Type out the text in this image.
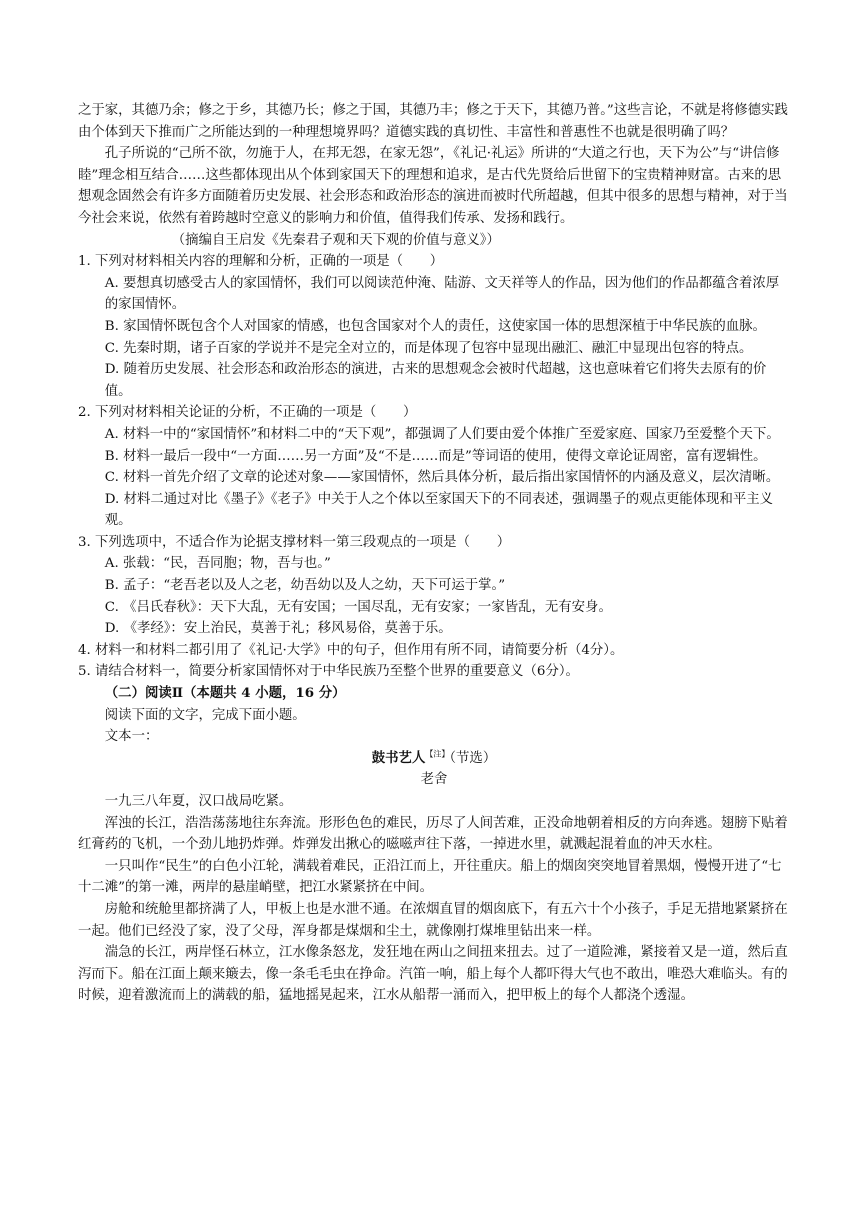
之于家，其德乃余；修之于乡，其德乃长；修之于国，其德乃丰；修之于天下，其德乃普。”这些言论，不就是将修德实践由个体到天下推而广之所能达到的一种理想境界吗？道德实践的真切性、丰富性和普惠性不也就是很明确了吗？

孔子所说的“己所不欲，勿施于人，在邦无怨，在家无怨”，《礼记·礼运》所讲的“大道之行也，天下为公”与“讲信修睦”理念相互结合……这些都体现出从个体到家国天下的理想和追求，是古代先贤给后世留下的宝贵精神财富。古来的思想观念固然会有许多方面随着历史发展、社会形态和政治形态的演进而被时代所超越，但其中很多的思想与精神，对于当今社会来说，依然有着跨越时空意义的影响力和价值，值得我们传承、发扬和践行。

（摘编自王启发《先秦君子观和天下观的价值与意义》）

1. 下列对材料相关内容的理解和分析，正确的一项是（　　）

A. 要想真切感受古人的家国情怀，我们可以阅读范仲淹、陆游、文天祥等人的作品，因为他们的作品都蕴含着浓厚的家国情怀。

B. 家国情怀既包含个人对国家的情感，也包含国家对个人的责任，这使家国一体的思想深植于中华民族的血脉。

C. 先秦时期，诸子百家的学说并不是完全对立的，而是体现了包容中显现出融汇、融汇中显现出包容的特点。

D. 随着历史发展、社会形态和政治形态的演进，古来的思想观念会被时代超越，这也意味着它们将失去原有的价值。

2. 下列对材料相关论证的分析，不正确的一项是（　　）

A. 材料一中的“家国情怀”和材料二中的“天下观”，都强调了人们要由爱个体推广至爱家庭、国家乃至爱整个天下。

B. 材料一最后一段中“一方面……另一方面”及“不是……而是”等词语的使用，使得文章论证周密，富有逻辑性。

C. 材料一首先介绍了文章的论述对象——家国情怀，然后具体分析，最后指出家国情怀的内涵及意义，层次清晰。

D. 材料二通过对比《墨子》《老子》中关于人之个体以至家国天下的不同表述，强调墨子的观点更能体现和平主义观。

3. 下列选项中，不适合作为论据支撑材料一第三段观点的一项是（　　）

A. 张载：“民，吾同胞；物，吾与也。”

B. 孟子：“老吾老以及人之老，幼吾幼以及人之幼，天下可运于掌。”

C. 《吕氏春秋》：天下大乱，无有安国；一国尽乱，无有安家；一家皆乱，无有安身。

D. 《孝经》：安上治民，莫善于礼；移风易俗，莫善于乐。

4. 材料一和材料二都引用了《礼记·大学》中的句子，但作用有所不同，请简要分析（4分）。

5. 请结合材料一，简要分析家国情怀对于中华民族乃至整个世界的重要意义（6分）。

（二）阅读Ⅱ（本题共 4 小题，16 分）

阅读下面的文字，完成下面小题。

文本一：

鼓书艺人$^{【注】}$（节选）

老舍

一九三八年夏，汉口战局吃紧。

浑浊的长江，浩浩荡荡地往东奔流。形形色色的难民，历尽了人间苦难，正没命地朝着相反的方向奔逃。翅膀下贴着红膏药的飞机，一个劲儿地扔炸弹。炸弹发出揪心的嗞嗞声往下落，一掉进水里，就溅起混着血的冲天水柱。

一只叫作“民生”的白色小江轮，满载着难民，正沿江而上，开往重庆。船上的烟囱突突地冒着黑烟，慢慢开进了“七十二滩”的第一滩，两岸的悬崖峭壁，把江水紧紧挤在中间。

房舱和统舱里都挤满了人，甲板上也是水泄不通。在浓烟直冒的烟囱底下，有五六十个小孩子，手足无措地紧紧挤在一起。他们已经没了家，没了父母，浑身都是煤烟和尘土，就像刚打煤堆里钻出来一样。

湍急的长江，两岸怪石林立，江水像条怒龙，发狂地在两山之间扭来扭去。过了一道险滩，紧接着又是一道，然后直泻而下。船在江面上颠来簸去，像一条毛毛虫在挣命。汽笛一响，船上每个人都吓得大气也不敢出，唯恐大难临头。有的时候，迎着激流而上的满载的船，猛地摇晃起来，江水从船帮一涌而入，把甲板上的每个人都浇个透湿。
